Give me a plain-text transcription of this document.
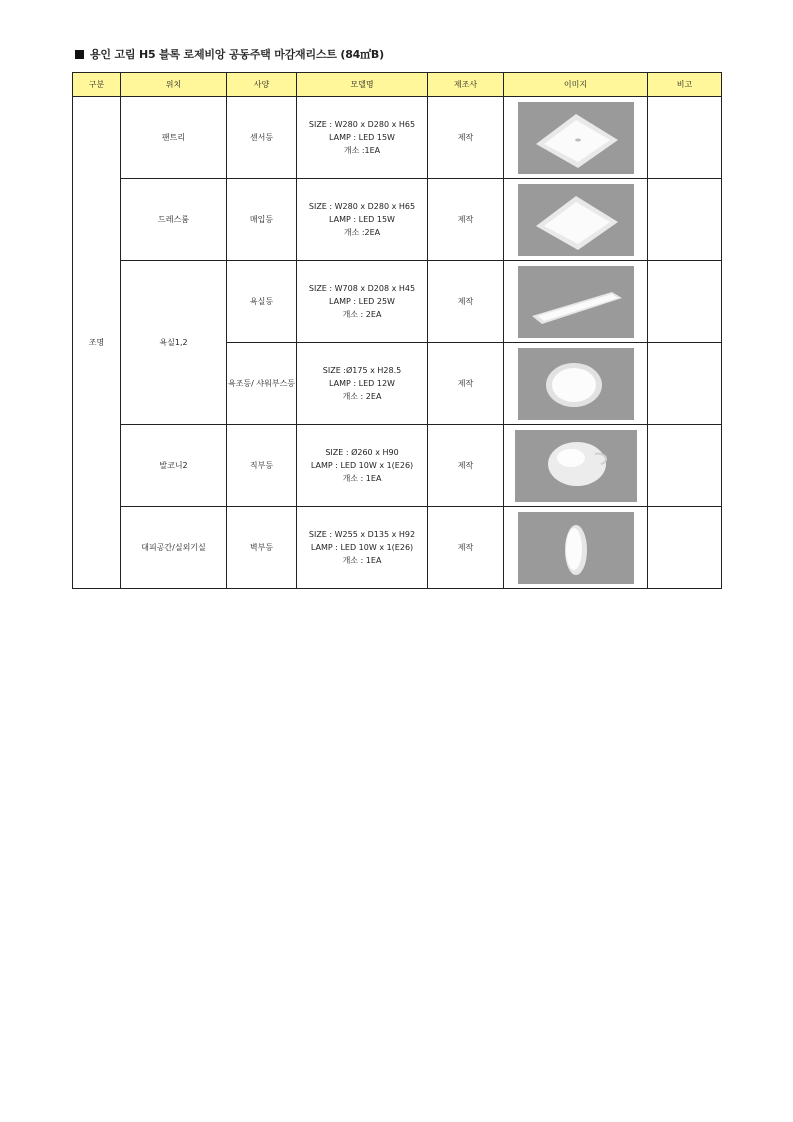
용인 고림 H5 블록 로제비앙 공동주택 마감재리스트 (84㎡B)
구분	위치	사양	모델명	제조사	이미지	비고
조명	팬트리	센서등	SIZE : W280 x D280 x H65
LAMP : LED 15W
개소 :1EA	제작	

	드레스룸	매입등	SIZE : W280 x D280 x H65
LAMP : LED 15W
개소 :2EA	제작	

	욕실1,2	욕실등	SIZE : W708 x D208 x H45
LAMP : LED 25W
개소 : 2EA	제작	

		욕조등/ 샤워부스등	SIZE :Ø175 x H28.5
LAMP : LED 12W
개소 : 2EA	제작	

	발코니2	직부등	SIZE : Ø260 x H90
LAMP : LED 10W x 1(E26)
개소 : 1EA	제작	

	대피공간/실외기실	벽부등	SIZE : W255 x D135 x H92
LAMP : LED 10W x 1(E26)
개소 : 1EA	제작	
